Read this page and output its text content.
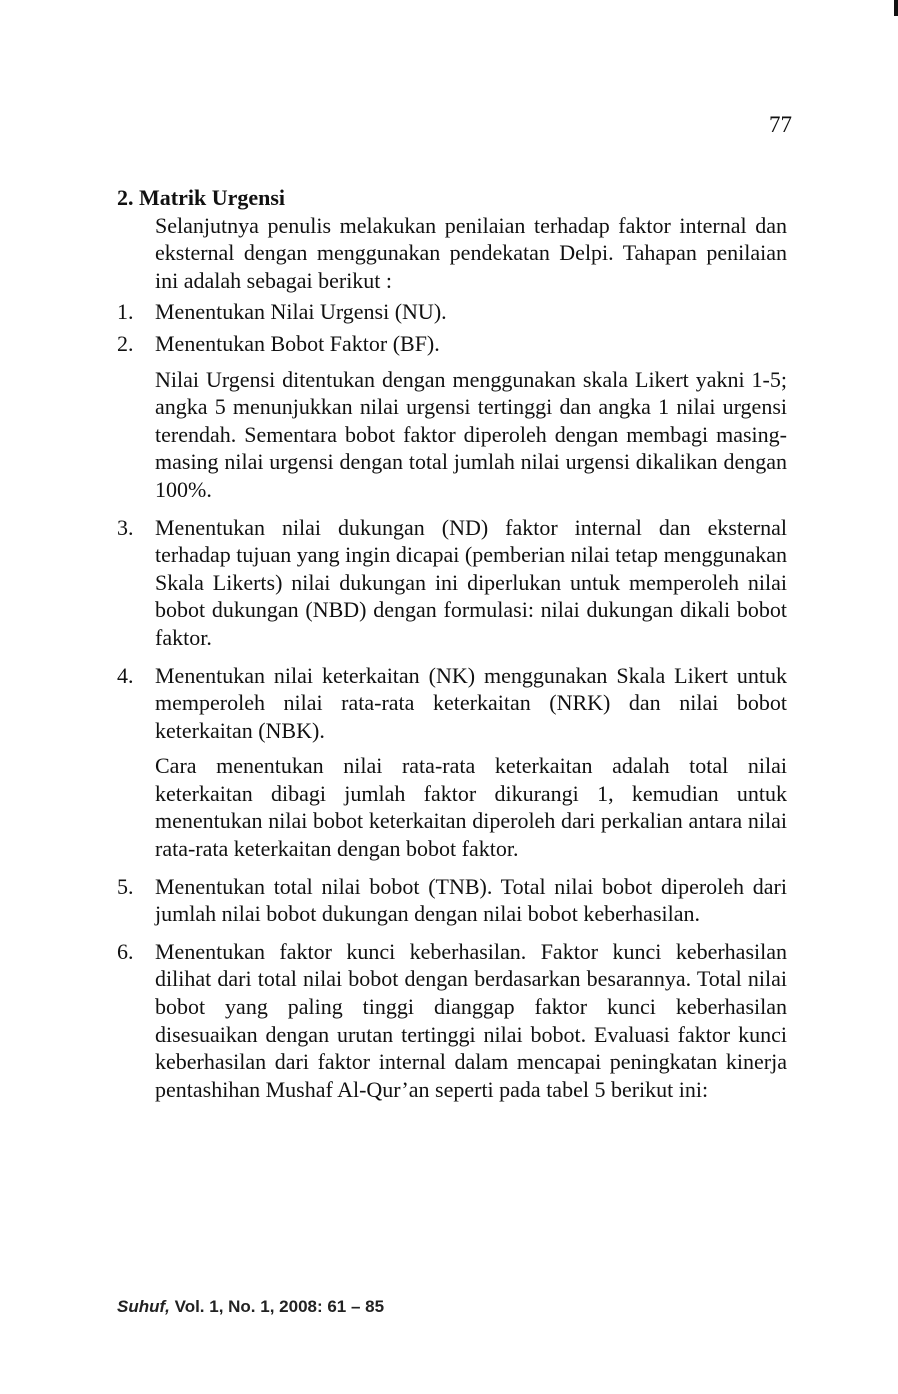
77

2. Matrik Urgensi

Selanjutnya penulis melakukan penilaian terhadap faktor internal dan eksternal dengan menggunakan pendekatan Delpi. Tahapan penilaian ini adalah sebagai berikut :

1. Menentukan Nilai Urgensi (NU).

2. Menentukan Bobot Faktor (BF).

Nilai Urgensi ditentukan dengan menggunakan skala Likert yakni 1-5; angka 5 menunjukkan nilai urgensi tertinggi dan angka 1 nilai urgensi terendah. Sementara bobot faktor diperoleh dengan membagi masing-masing nilai urgensi dengan total jumlah nilai urgensi dikalikan dengan 100%.

3. Menentukan nilai dukungan (ND) faktor internal dan eksternal terhadap tujuan yang ingin dicapai (pemberian nilai tetap menggunakan Skala Likerts) nilai dukungan ini diperlukan untuk memperoleh nilai bobot dukungan (NBD) dengan formulasi: nilai dukungan dikali bobot faktor.

4. Menentukan nilai keterkaitan (NK) menggunakan Skala Likert untuk memperoleh nilai rata-rata keterkaitan (NRK) dan nilai bobot keterkaitan (NBK).

Cara menentukan nilai rata-rata keterkaitan adalah total nilai keterkaitan dibagi jumlah faktor dikurangi 1, kemudian untuk menentukan nilai bobot keterkaitan diperoleh dari perkalian antara nilai rata-rata keterkaitan dengan bobot faktor.

5. Menentukan total nilai bobot (TNB). Total nilai bobot diperoleh dari jumlah nilai bobot dukungan dengan nilai bobot keberhasilan.

6. Menentukan faktor kunci keberhasilan. Faktor kunci keberhasilan dilihat dari total nilai bobot dengan berdasarkan besarannya. Total nilai bobot yang paling tinggi dianggap faktor kunci keberhasilan disesuaikan dengan urutan tertinggi nilai bobot. Evaluasi faktor kunci keberhasilan dari faktor internal dalam mencapai peningkatan kinerja pentashihan Mushaf Al-Qur’an seperti pada tabel 5 berikut ini:

Suhuf, Vol. 1, No. 1, 2008: 61 – 85
